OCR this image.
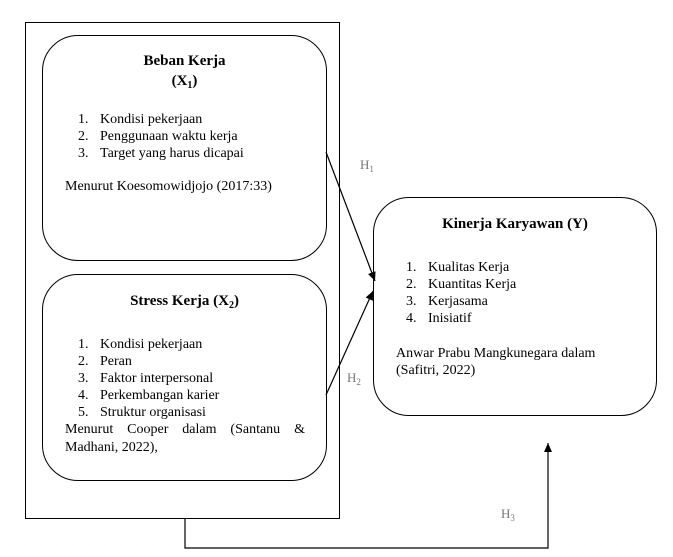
Beban Kerja
$(X_1)$
1. Kondisi pekerjaan
2. Penggunaan waktu kerja
3. Target yang harus dicapai
Menurut Koesomowidjojo (2017:33)
Stress Kerja $(X_2)$
1. Kondisi pekerjaan
2. Peran
3. Faktor interpersonal
4. Perkembangan karier
5. Struktur organisasi
Menurut Cooper dalam (Santanu &
Madhani, 2022),
Kinerja Karyawan (Y)
1. Kualitas Kerja
2. Kuantitas Kerja
3. Kerjasama
4. Inisiatif
Anwar Prabu Mangkunegara dalam
(Safitri, 2022)
$H_1$
$H_2$
$H_3$
